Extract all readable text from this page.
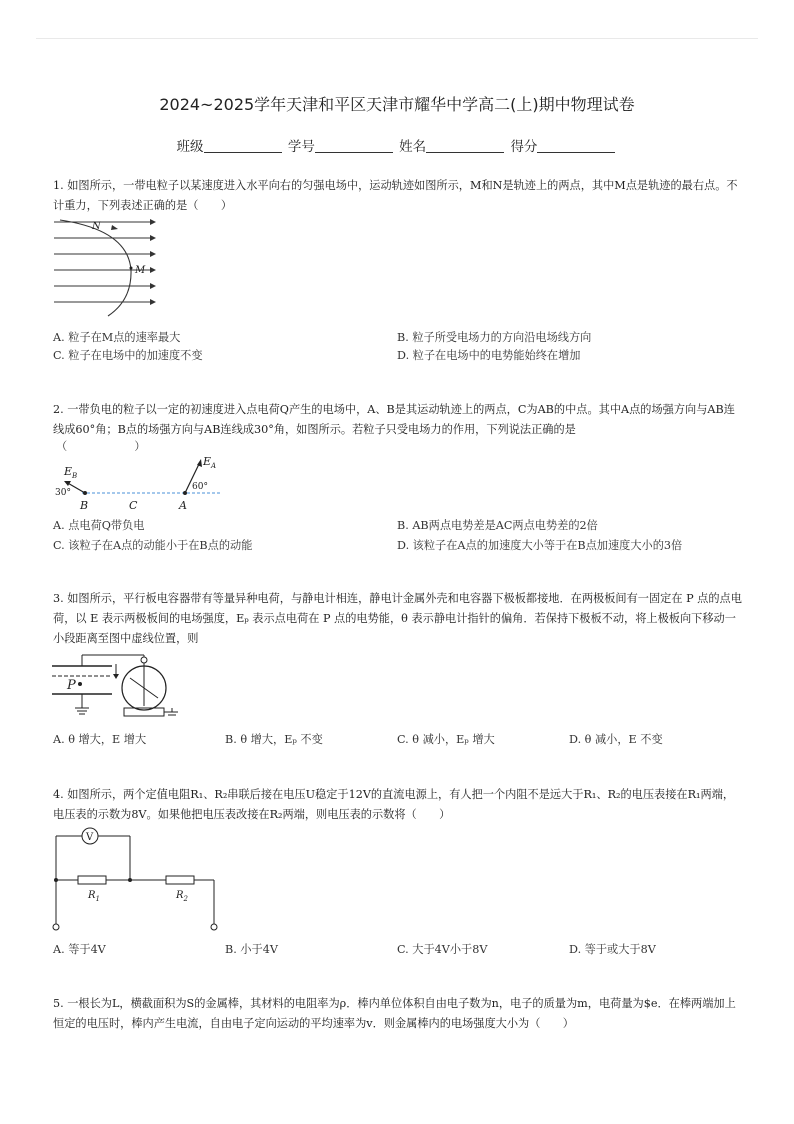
2024~2025学年天津和平区天津市耀华中学高二(上)期中物理试卷
班级	学号	姓名	得分
1. 如图所示，一带电粒子以某速度进入水平向右的匀强电场中，运动轨迹如图所示，M和N是轨迹上的两点，其中M点是轨迹的最右点。不计重力，下列表述正确的是（　　）
N
M
A. 粒子在M点的速率最大	B. 粒子所受电场力的方向沿电场线方向
C. 粒子在电场中的加速度不变	D. 粒子在电场中的电势能始终在增加
2. 一带负电的粒子以一定的初速度进入点电荷Q产生的电场中，A、B是其运动轨迹上的两点，C为AB的中点。其中A点的场强方向与AB连线成60°角；B点的场强方向与AB连线成30°角，如图所示。若粒子只受电场力的作用，下列说法正确的是
（　　　　　　）
$E_B$
$E_A$
30°
60°
B	C	A
A. 点电荷Q带负电	B. AB两点电势差是AC两点电势差的2倍
C. 该粒子在A点的动能小于在B点的动能	D. 该粒子在A点的加速度大小等于在B点加速度大小的3倍
3. 如图所示，平行板电容器带有等量异种电荷，与静电计相连，静电计金属外壳和电容器下极板都接地．在两极板间有一固定在 P 点的点电荷，以 E 表示两极板间的电场强度，Eₚ 表示点电荷在 P 点的电势能，θ 表示静电计指针的偏角．若保持下极板不动，将上极板向下移动一小段距离至图中虚线位置，则
P
A. θ 增大，E 增大	B. θ 增大，Eₚ 不变	C. θ 减小，Eₚ 增大	D. θ 减小，E 不变
4. 如图所示，两个定值电阻R₁、R₂串联后接在电压U稳定于12V的直流电源上，有人把一个内阻不是远大于R₁、R₂的电压表接在R₁两端，电压表的示数为8V。如果他把电压表改接在R₂两端，则电压表的示数将（　　）
V
$R_1$	$R_2$
A. 等于4V	B. 小于4V	C. 大于4V小于8V	D. 等于或大于8V
5. 一根长为L，横截面积为S的金属棒，其材料的电阻率为ρ．棒内单位体积自由电子数为n，电子的质量为m，电荷量为$e．在棒两端加上恒定的电压时，棒内产生电流，自由电子定向运动的平均速率为v．则金属棒内的电场强度大小为（　　）
